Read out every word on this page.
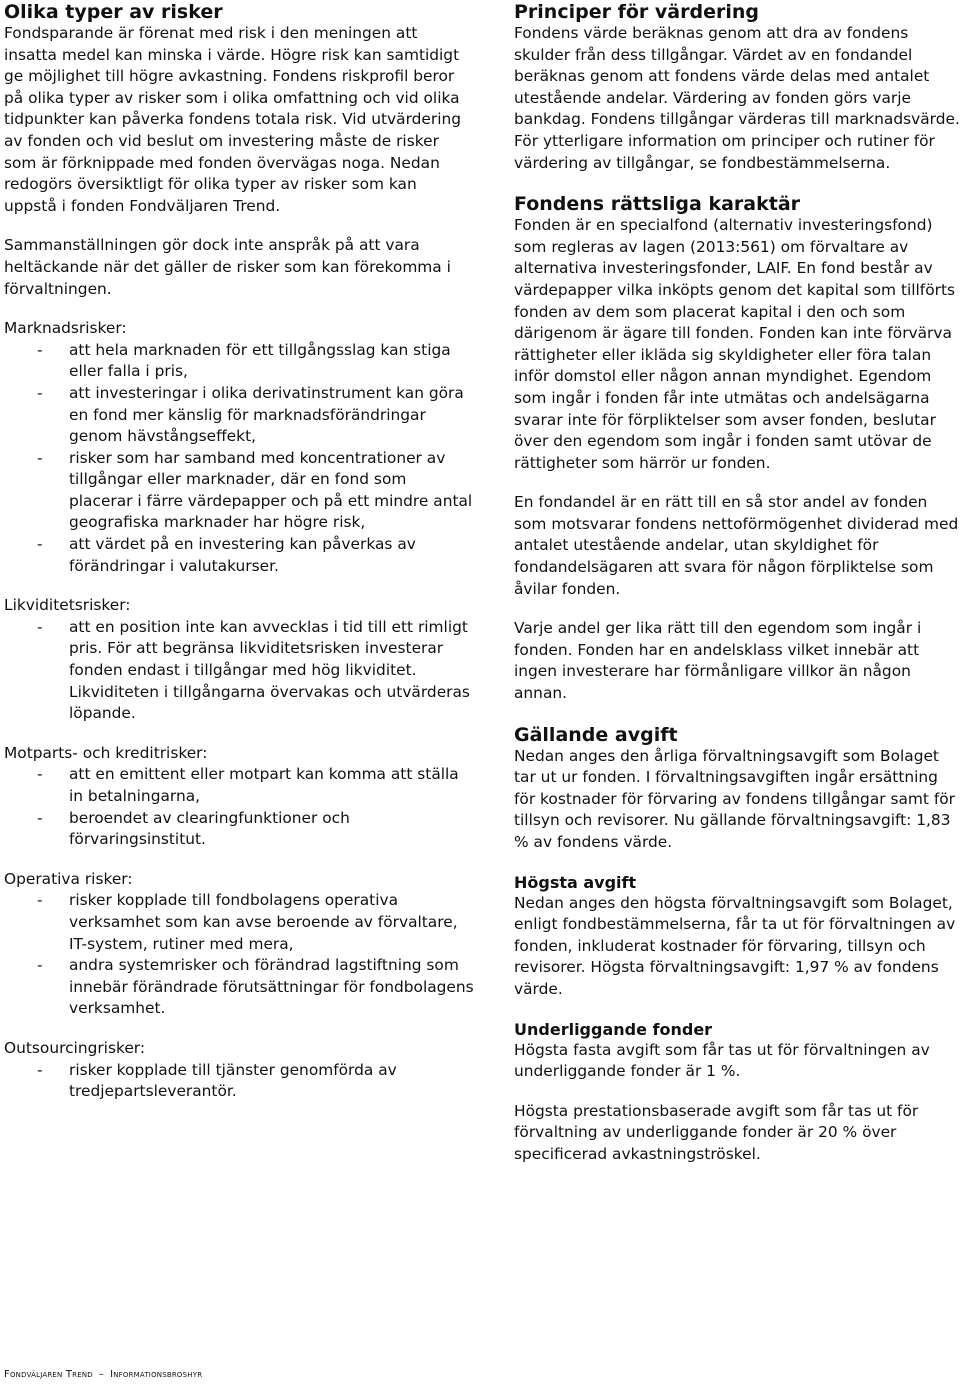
Olika typer av risker

Fondsparande är förenat med risk i den meningen att insatta medel kan minska i värde. Högre risk kan samtidigt ge möjlighet till högre avkastning. Fondens riskprofil beror på olika typer av risker som i olika omfattning och vid olika tidpunkter kan påverka fondens totala risk. Vid utvärdering av fonden och vid beslut om investering måste de risker som är förknippade med fonden övervägas noga. Nedan redogörs översiktligt för olika typer av risker som kan uppstå i fonden Fondväljaren Trend.

Sammanställningen gör dock inte anspråk på att vara heltäckande när det gäller de risker som kan förekomma i förvaltningen.

Marknadsrisker:

- att hela marknaden för ett tillgångsslag kan stiga eller falla i pris,
- att investeringar i olika derivatinstrument kan göra en fond mer känslig för marknadsförändringar genom hävstångseffekt,
- risker som har samband med koncentrationer av tillgångar eller marknader, där en fond som placerar i färre värdepapper och på ett mindre antal geografiska marknader har högre risk,
- att värdet på en investering kan påverkas av förändringar i valutakurser.

Likviditetsrisker:

- att en position inte kan avvecklas i tid till ett rimligt pris. För att begränsa likviditetsrisken investerar fonden endast i tillgångar med hög likviditet. Likviditeten i tillgångarna övervakas och utvärderas löpande.

Motparts- och kreditrisker:

- att en emittent eller motpart kan komma att ställa in betalningarna,
- beroendet av clearingfunktioner och förvaringsinstitut.

Operativa risker:

- risker kopplade till fondbolagens operativa verksamhet som kan avse beroende av förvaltare, IT-system, rutiner med mera,
- andra systemrisker och förändrad lagstiftning som innebär förändrade förutsättningar för fondbolagens verksamhet.

Outsourcingrisker:

- risker kopplade till tjänster genomförda av tredjepartsleverantör.
Principer för värdering

Fondens värde beräknas genom att dra av fondens skulder från dess tillgångar. Värdet av en fondandel beräknas genom att fondens värde delas med antalet utestående andelar. Värdering av fonden görs varje bankdag. Fondens tillgångar värderas till marknadsvärde. För ytterligare information om principer och rutiner för värdering av tillgångar, se fondbestämmelserna.

Fondens rättsliga karaktär

Fonden är en specialfond (alternativ investeringsfond) som regleras av lagen (2013:561) om förvaltare av alternativa investeringsfonder, LAIF. En fond består av värdepapper vilka inköpts genom det kapital som tillförts fonden av dem som placerat kapital i den och som därigenom är ägare till fonden. Fonden kan inte förvärva rättigheter eller ikläda sig skyldigheter eller föra talan inför domstol eller någon annan myndighet. Egendom som ingår i fonden får inte utmätas och andelsägarna svarar inte för förpliktelser som avser fonden, beslutar över den egendom som ingår i fonden samt utövar de rättigheter som härrör ur fonden.

En fondandel är en rätt till en så stor andel av fonden som motsvarar fondens nettoförmögenhet dividerad med antalet utestående andelar, utan skyldighet för fondandelsägaren att svara för någon förpliktelse som åvilar fonden.

Varje andel ger lika rätt till den egendom som ingår i fonden. Fonden har en andelsklass vilket innebär att ingen investerare har förmånligare villkor än någon annan.

Gällande avgift

Nedan anges den årliga förvaltningsavgift som Bolaget tar ut ur fonden. I förvaltningsavgiften ingår ersättning för kostnader för förvaring av fondens tillgångar samt för tillsyn och revisorer. Nu gällande förvaltningsavgift: 1,83 % av fondens värde.

Högsta avgift

Nedan anges den högsta förvaltningsavgift som Bolaget, enligt fondbestämmelserna, får ta ut för förvaltningen av fonden, inkluderat kostnader för förvaring, tillsyn och revisorer. Högsta förvaltningsavgift: 1,97 % av fondens värde.

Underliggande fonder

Högsta fasta avgift som får tas ut för förvaltningen av underliggande fonder är 1 %.

Högsta prestationsbaserade avgift som får tas ut för förvaltning av underliggande fonder är 20 % över specificerad avkastningströskel.

Fondväljaren Trend – Informationsbroshyr
